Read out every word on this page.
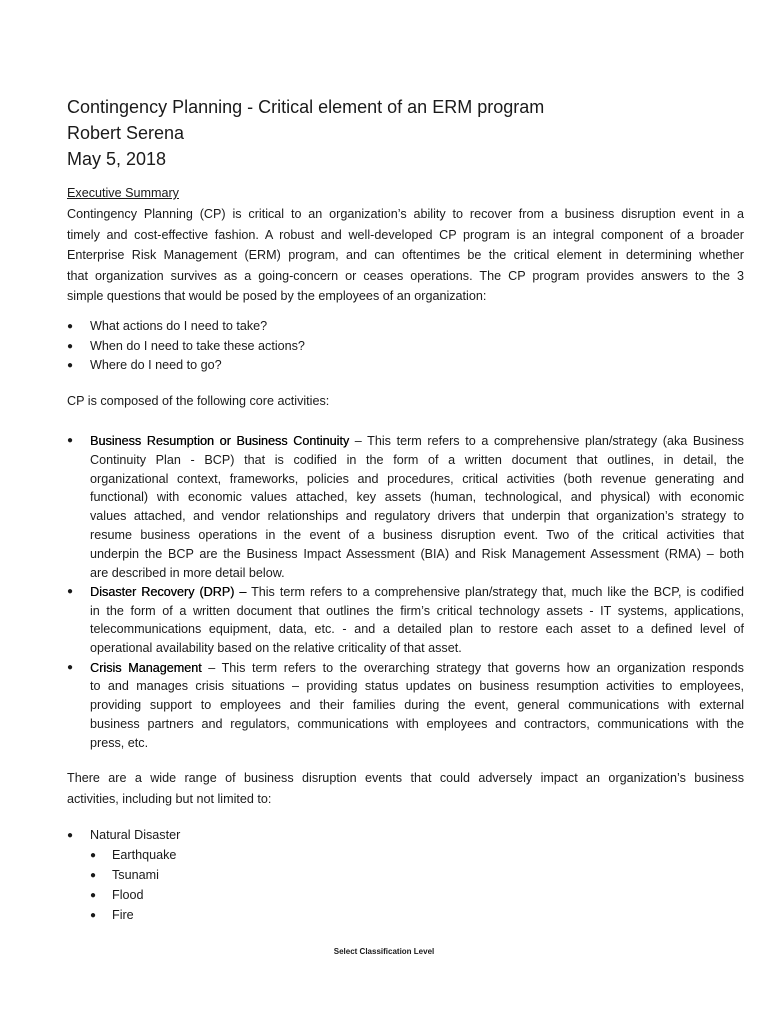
Contingency Planning - Critical element of an ERM program
Robert Serena
May 5, 2018
Executive Summary
Contingency Planning (CP) is critical to an organization’s ability to recover from a business disruption event in a
timely and cost-effective fashion. A robust and well-developed CP program is an integral component of a broader
Enterprise Risk Management (ERM) program, and can oftentimes be the critical element in determining whether
that organization survives as a going-concern or ceases operations. The CP program provides answers to the 3
simple questions that would be posed by the employees of an organization:
● What actions do I need to take?
● When do I need to take these actions?
● Where do I need to go?
CP is composed of the following core activities:
● Business Resumption or Business Continuity – This term refers to a comprehensive plan/strategy (aka Business
Continuity Plan - BCP) that is codified in the form of a written document that outlines, in detail, the
organizational context, frameworks, policies and procedures, critical activities (both revenue generating and
functional) with economic values attached, key assets (human, technological, and physical) with economic
values attached, and vendor relationships and regulatory drivers that underpin that organization’s strategy to
resume business operations in the event of a business disruption event. Two of the critical activities that
underpin the BCP are the Business Impact Assessment (BIA) and Risk Management Assessment (RMA) – both
are described in more detail below.
● Disaster Recovery (DRP) – This term refers to a comprehensive plan/strategy that, much like the BCP, is codified
in the form of a written document that outlines the firm’s critical technology assets - IT systems, applications,
telecommunications equipment, data, etc. - and a detailed plan to restore each asset to a defined level of
operational availability based on the relative criticality of that asset.
● Crisis Management – This term refers to the overarching strategy that governs how an organization responds
to and manages crisis situations – providing status updates on business resumption activities to employees,
providing support to employees and their families during the event, general communications with external
business partners and regulators, communications with employees and contractors, communications with the
press, etc.
There are a wide range of business disruption events that could adversely impact an organization’s business
activities, including but not limited to:
● Natural Disaster
● Earthquake
● Tsunami
● Flood
● Fire
Select Classification Level
